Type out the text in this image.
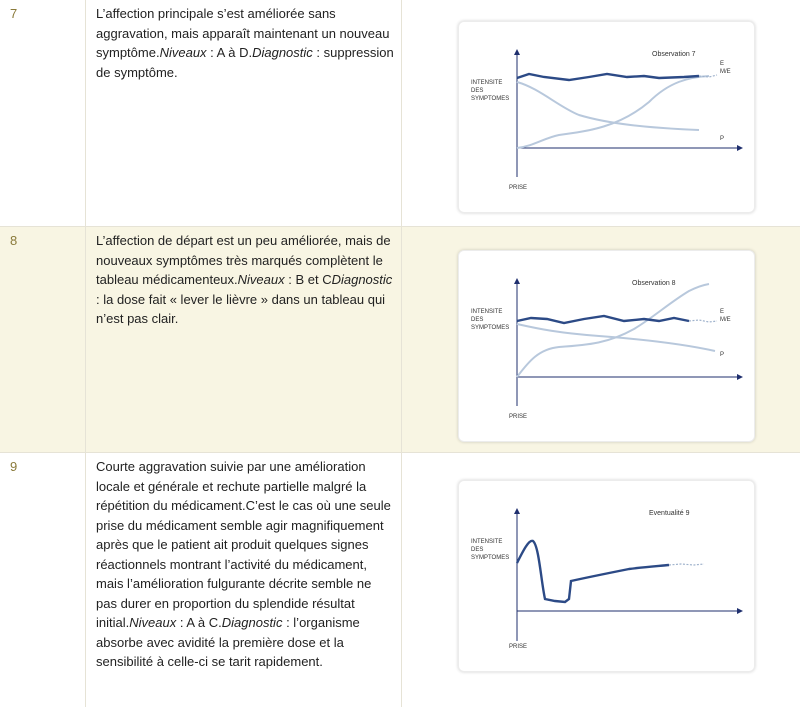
7	L’affection principale s’est améliorée sans aggravation, mais apparaît maintenant un nouveau symptôme.Niveaux : A à D.Diagnostic : suppression de symptôme.
Observation 7
INTENSITE
DES
SYMPTOMES
PRISE
E
M/E
P
8	L’affection de départ est un peu améliorée, mais de nouveaux symptômes très marqués complètent le tableau médicamenteux.Niveaux : B et CDiagnostic : la dose fait « lever le lièvre » dans un tableau qui n’est pas clair.
Observation 8
INTENSITE
DES
SYMPTOMES
PRISE
E
M/E
P
9	Courte aggravation suivie par une amélioration locale et générale et rechute partielle malgré la répétition du médicament.C’est le cas où une seule prise du médicament semble agir magnifiquement après que le patient ait produit quelques signes réactionnels montrant l’activité du médicament, mais l’amélioration fulgurante décrite semble ne pas durer en proportion du splendide résultat initial.Niveaux : A à C.Diagnostic : l’organisme absorbe avec avidité la première dose et la sensibilité à celle-ci se tarit rapidement.
Eventualité 9
INTENSITE
DES
SYMPTOMES
PRISE
